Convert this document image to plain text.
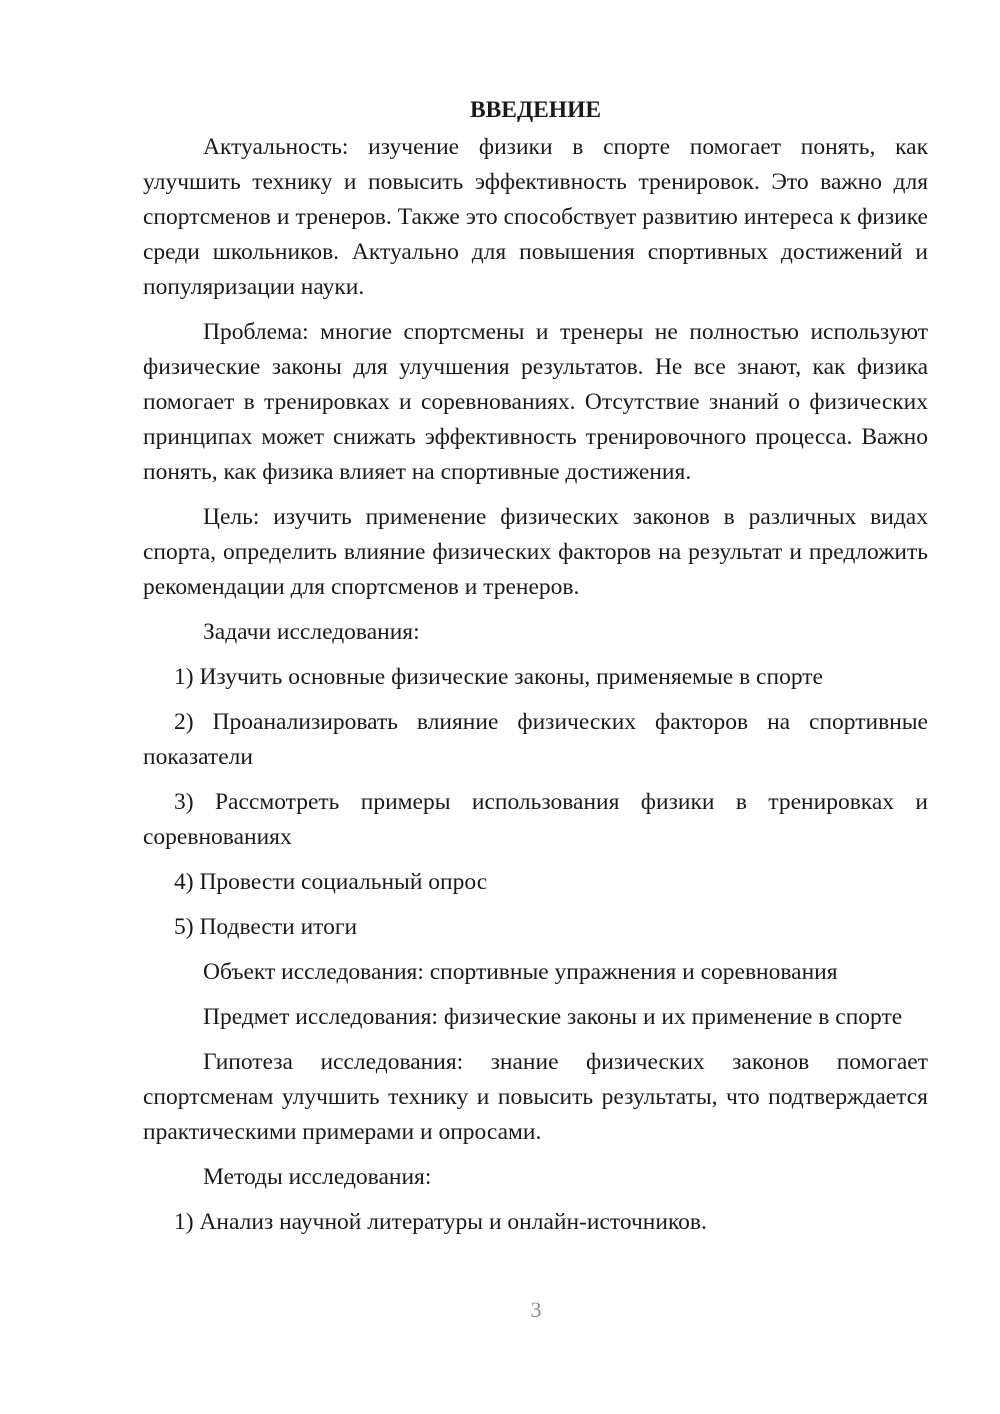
ВВЕДЕНИЕ

Актуальность: изучение физики в спорте помогает понять, как улучшить технику и повысить эффективность тренировок. Это важно для спортсменов и тренеров. Также это способствует развитию интереса к физике среди школьников. Актуально для повышения спортивных достижений и популяризации науки.

Проблема: многие спортсмены и тренеры не полностью используют физические законы для улучшения результатов. Не все знают, как физика помогает в тренировках и соревнованиях. Отсутствие знаний о физических принципах может снижать эффективность тренировочного процесса. Важно понять, как физика влияет на спортивные достижения.

Цель: изучить применение физических законов в различных видах спорта, определить влияние физических факторов на результат и предложить рекомендации для спортсменов и тренеров.

Задачи исследования:

1) Изучить основные физические законы, применяемые в спорте

2) Проанализировать влияние физических факторов на спортивные показатели

3) Рассмотреть примеры использования физики в тренировках и соревнованиях

4) Провести социальный опрос

5) Подвести итоги

Объект исследования: спортивные упражнения и соревнования

Предмет исследования: физические законы и их применение в спорте

Гипотеза исследования: знание физических законов помогает спортсменам улучшить технику и повысить результаты, что подтверждается практическими примерами и опросами.

Методы исследования:

1) Анализ научной литературы и онлайн-источников.

3
